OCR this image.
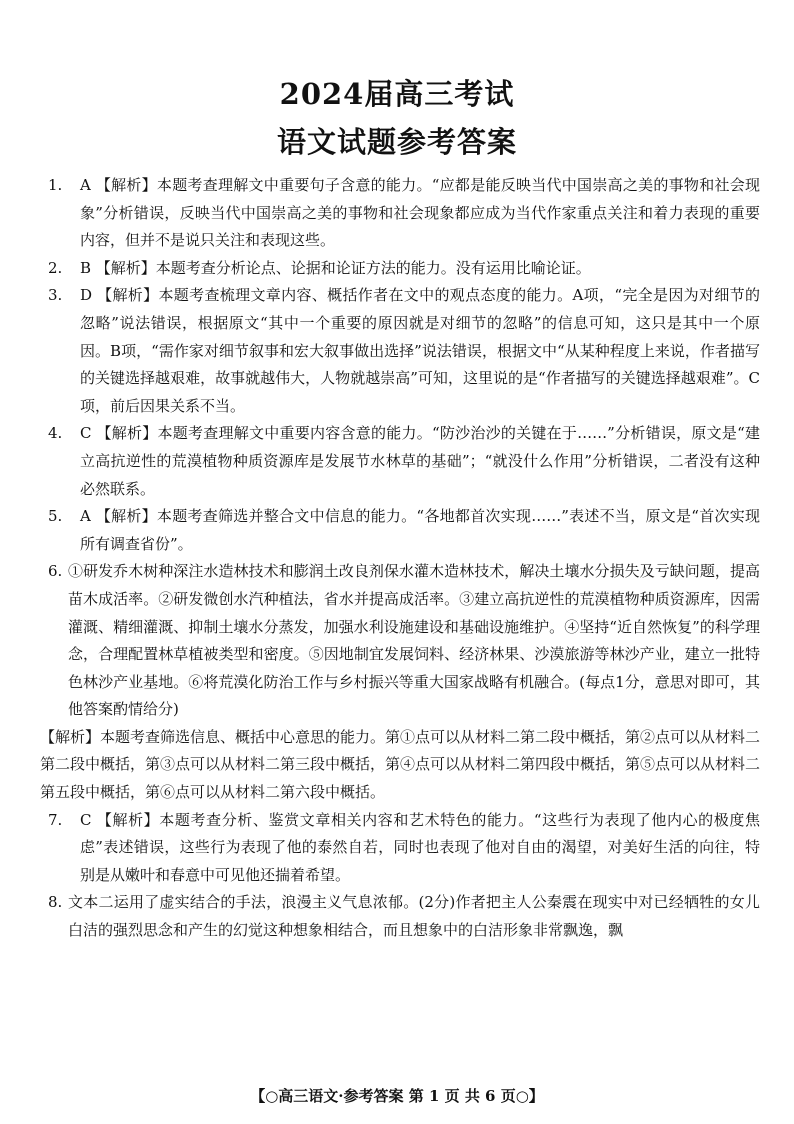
2024届高三考试
语文试题参考答案
1.	A 【解析】本题考查理解文中重要句子含意的能力。“应都是能反映当代中国崇高之美的事物和社会现象”分析错误，反映当代中国崇高之美的事物和社会现象都应成为当代作家重点关注和着力表现的重要内容，但并不是说只关注和表现这些。
2.	B 【解析】本题考查分析论点、论据和论证方法的能力。没有运用比喻论证。
3.	D 【解析】本题考查梳理文章内容、概括作者在文中的观点态度的能力。A项，“完全是因为对细节的忽略”说法错误，根据原文“其中一个重要的原因就是对细节的忽略”的信息可知，这只是其中一个原因。B项，“需作家对细节叙事和宏大叙事做出选择”说法错误，根据文中“从某种程度上来说，作者描写的关键选择越艰难，故事就越伟大，人物就越崇高”可知，这里说的是“作者描写的关键选择越艰难”。C项，前后因果关系不当。
4.	C 【解析】本题考查理解文中重要内容含意的能力。“防沙治沙的关键在于……”分析错误，原文是“建立高抗逆性的荒漠植物种质资源库是发展节水林草的基础”；“就没什么作用”分析错误，二者没有这种必然联系。
5.	A 【解析】本题考查筛选并整合文中信息的能力。“各地都首次实现……”表述不当，原文是“首次实现所有调查省份”。
6. ①研发乔木树种深注水造林技术和膨润土改良剂保水灌木造林技术，解决土壤水分损失及亏缺问题，提高苗木成活率。②研发微创水汽种植法，省水并提高成活率。③建立高抗逆性的荒漠植物种质资源库，因需灌溉、精细灌溉、抑制土壤水分蒸发，加强水利设施建设和基础设施维护。④坚持“近自然恢复”的科学理念，合理配置林草植被类型和密度。⑤因地制宜发展饲料、经济林果、沙漠旅游等林沙产业，建立一批特色林沙产业基地。⑥将荒漠化防治工作与乡村振兴等重大国家战略有机融合。(每点1分，意思对即可，其他答案酌情给分)
【解析】本题考查筛选信息、概括中心意思的能力。第①点可以从材料二第二段中概括，第②点可以从材料二第二段中概括，第③点可以从材料二第三段中概括，第④点可以从材料二第四段中概括，第⑤点可以从材料二第五段中概括，第⑥点可以从材料二第六段中概括。
7.	C 【解析】本题考查分析、鉴赏文章相关内容和艺术特色的能力。“这些行为表现了他内心的极度焦虑”表述错误，这些行为表现了他的泰然自若，同时也表现了他对自由的渴望，对美好生活的向往，特别是从嫩叶和春意中可见他还揣着希望。
8. 文本二运用了虚实结合的手法，浪漫主义气息浓郁。(2分)作者把主人公秦震在现实中对已经牺牲的女儿白洁的强烈思念和产生的幻觉这种想象相结合，而且想象中的白洁形象非常飘逸，飘
【○高三语文·参考答案 第 1 页 共 6 页○】
